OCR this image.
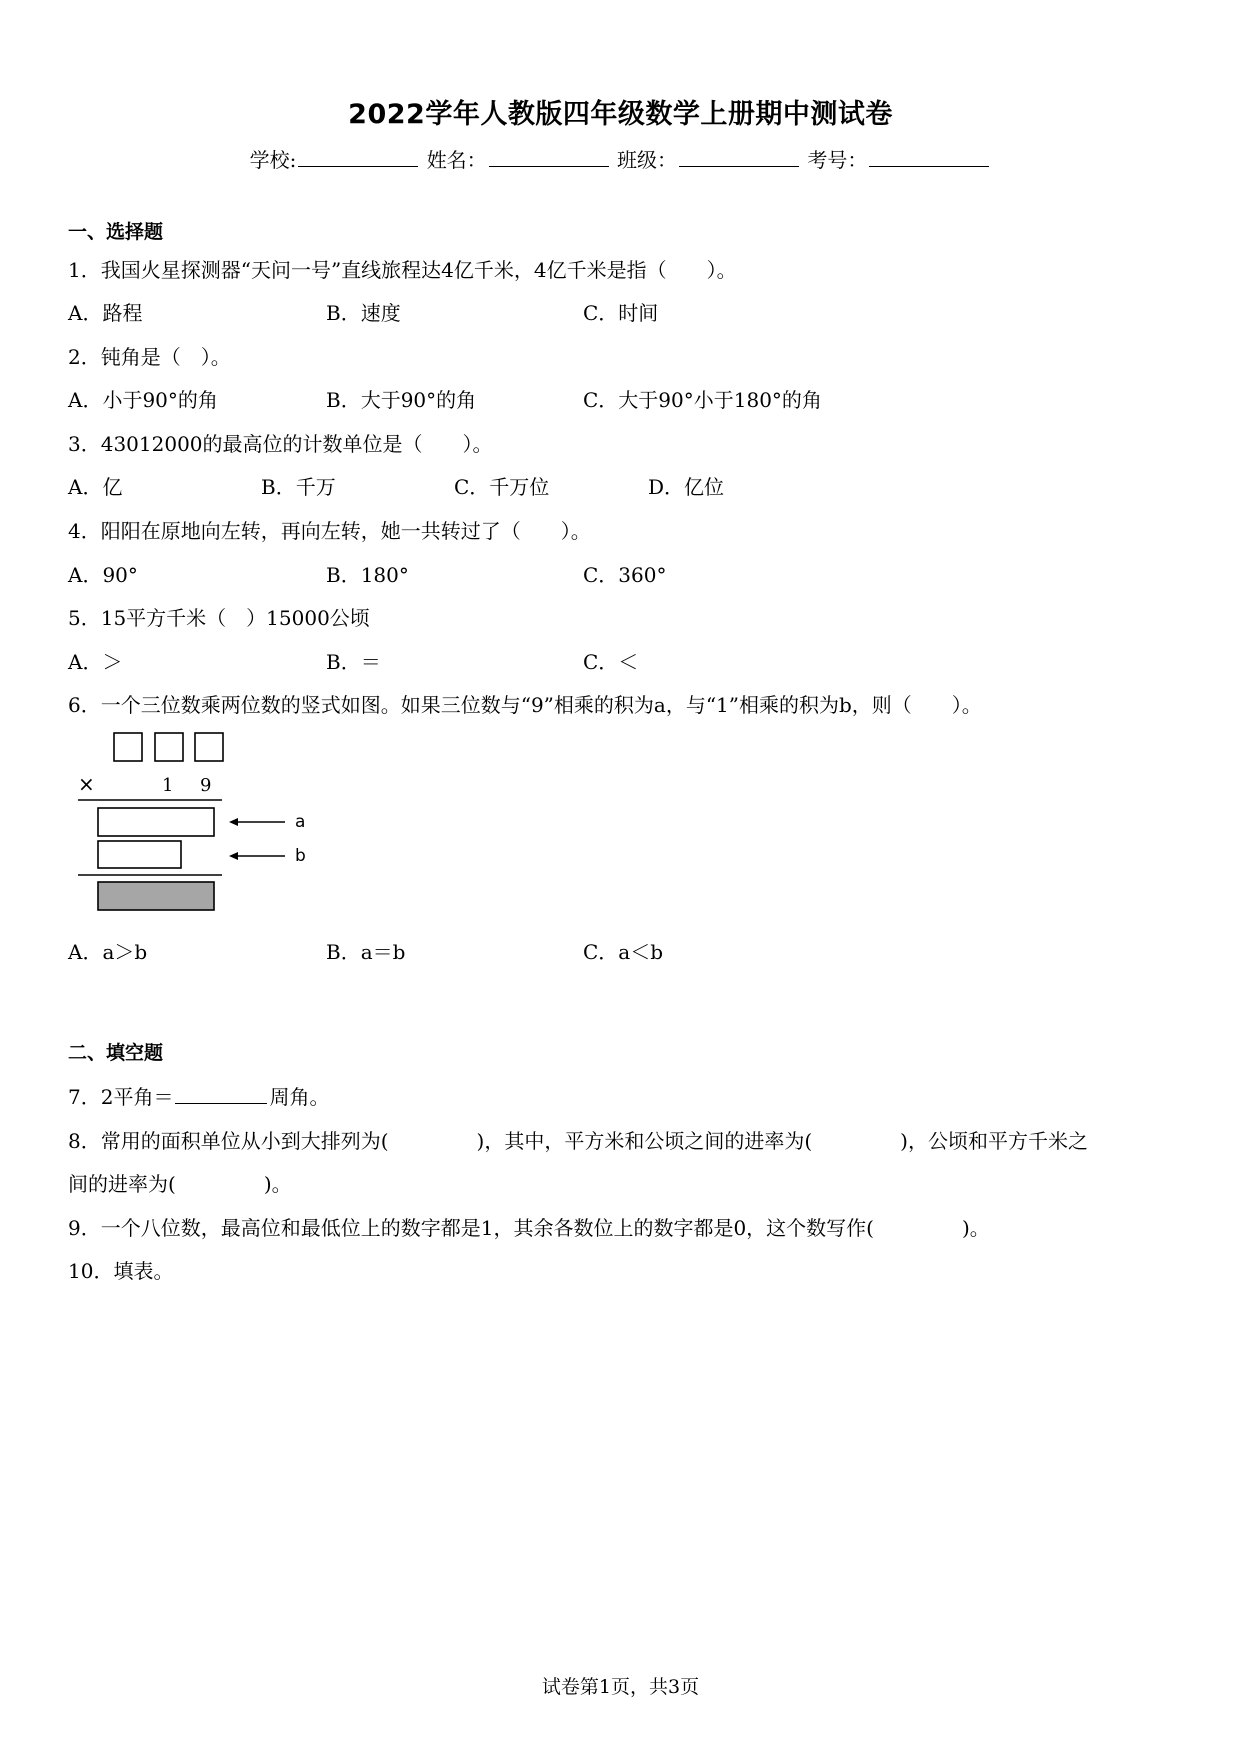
2022学年人教版四年级数学上册期中测试卷
学校:	姓名：	班级：	考号：
一、选择题
1．我国火星探测器“天问一号”直线旅程达4亿千米，4亿千米是指（　　）。
A．路程	B．速度	C．时间
2．钝角是（　）。
A．小于90°的角	B．大于90°的角	C．大于90°小于180°的角
3．43012000的最高位的计数单位是（　　）。
A．亿	B．千万	C．千万位	D．亿位
4．阳阳在原地向左转，再向左转，她一共转过了（　　）。
A．90°	B．180°	C．360°
5．15平方千米（　）15000公顷
A．＞	B．＝	C．＜
6．一个三位数乘两位数的竖式如图。如果三位数与“9”相乘的积为a，与“1”相乘的积为b，则（　　）。
×	1 9
a
b
A．a＞b	B．a＝b	C．a＜b
二、填空题
7．2平角＝	周角。
8．常用的面积单位从小到大排列为(	)，其中，平方米和公顷之间的进率为(	)，公顷和平方千米之
间的进率为(	)。
9．一个八位数，最高位和最低位上的数字都是1，其余各数位上的数字都是0，这个数写作(	)。
10．填表。
试卷第1页，共3页
